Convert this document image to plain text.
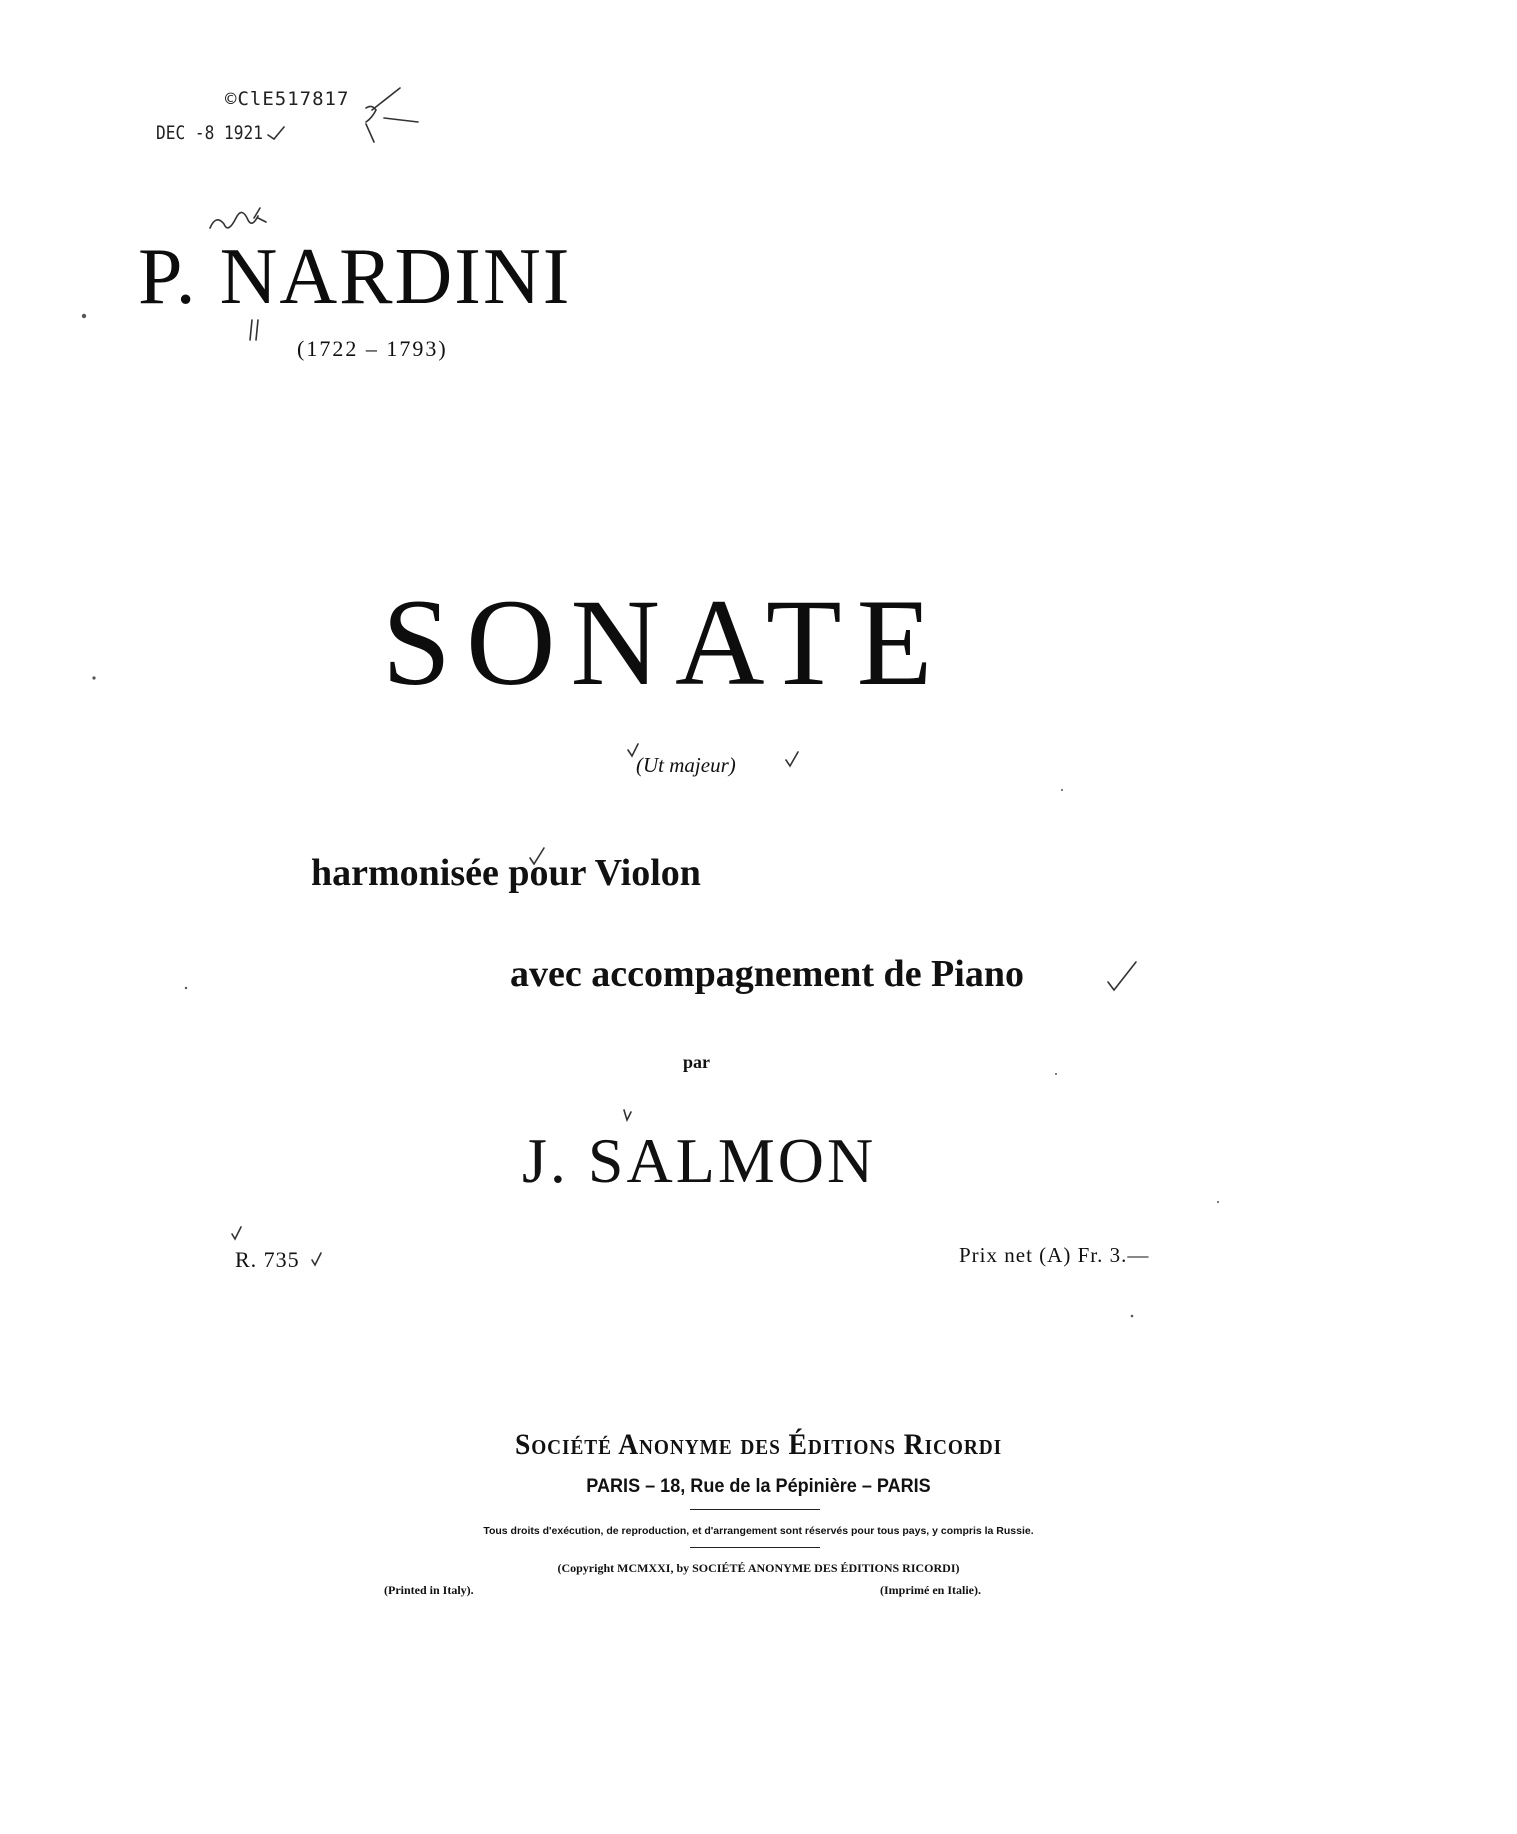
©ClE517817
DEC -8 1921
P. NARDINI
(1722 – 1793)
SONATE
(Ut majeur)
harmonisée pour Violon
avec accompagnement de Piano
par
J. SALMON
R. 735	Prix net (A) Fr. 3.—
Société Anonyme des Éditions Ricordi
PARIS – 18, Rue de la Pépinière – PARIS
Tous droits d'exécution, de reproduction, et d'arrangement sont réservés pour tous pays, y compris la Russie.
(Copyright MCMXXI, by SOCIÉTÉ ANONYME DES ÉDITIONS RICORDI)
(Printed in Italy).	(Imprimé en Italie).
